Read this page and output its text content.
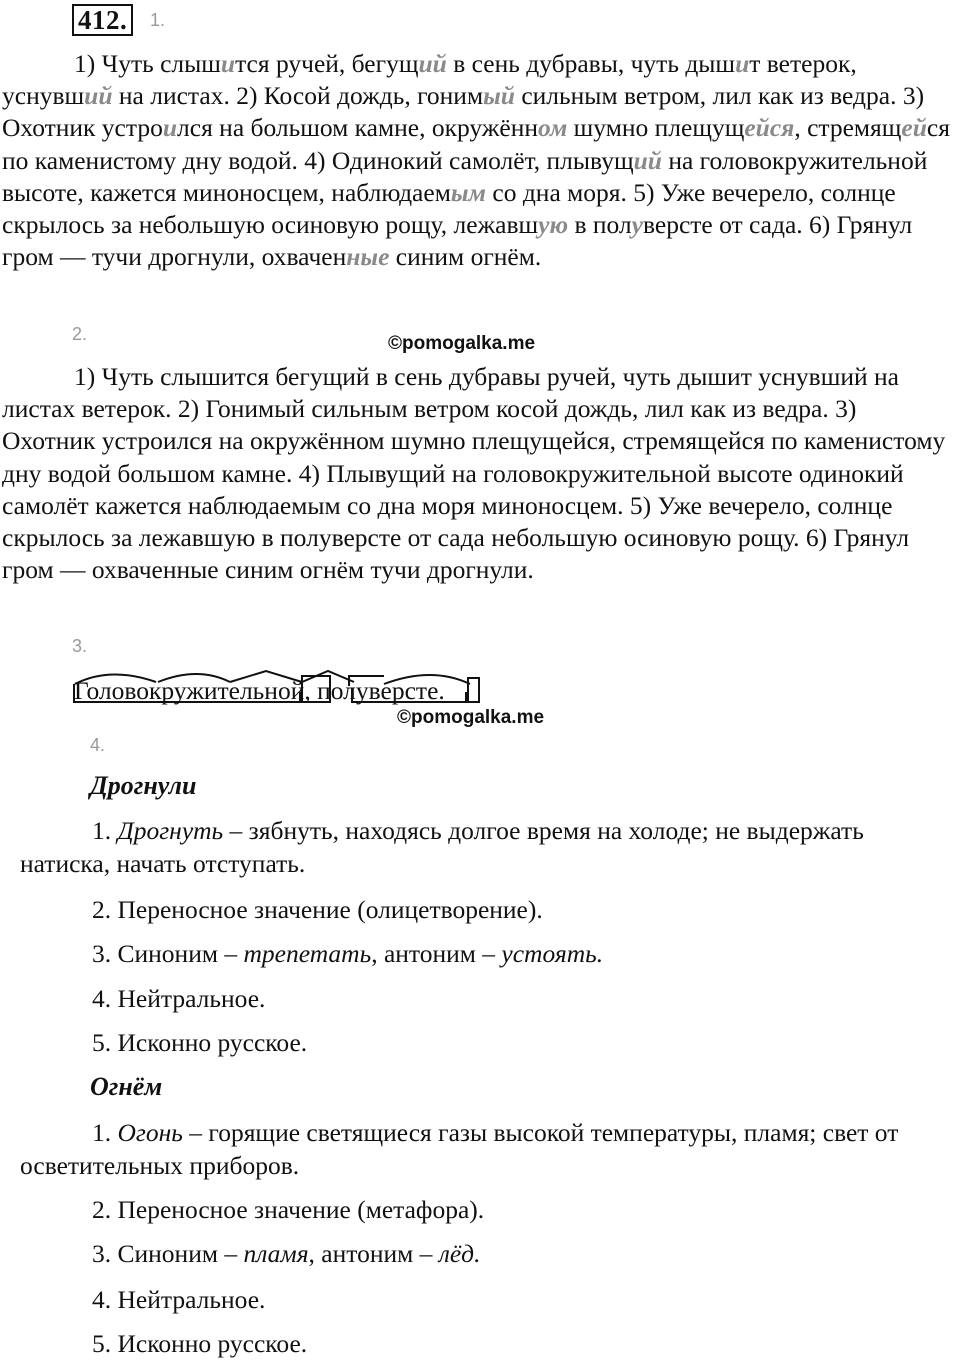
412.	1.

1) Чуть слышится ручей, бегущий в сень дубравы, чуть дышит ветерок, уснувший на листах. 2) Косой дождь, гонимый сильным ветром, лил как из ведра. 3) Охотник устроился на большом камне, окружённом шумно плещущейся, стремящейся по каменистому дну водой. 4) Одинокий самолёт, плывущий на головокружительной высоте, кажется миноносцем, наблюдаемым со дна моря. 5) Уже вечерело, солнце скрылось за небольшую осиновую рощу, лежавшую в полуверсте от сада. 6) Грянул гром — тучи дрогнули, охваченные синим огнём.

2.	©pomogalka.me

1) Чуть слышится бегущий в сень дубравы ручей, чуть дышит уснувший на листах ветерок. 2) Гонимый сильным ветром косой дождь, лил как из ведра. 3) Охотник устроился на окружённом шумно плещущейся, стремящейся по каменистому дну водой большом камне. 4) Плывущий на головокружительной высоте одинокий самолёт кажется наблюдаемым со дна моря миноносцем. 5) Уже вечерело, солнце скрылось за лежавшую в полуверсте от сада небольшую осиновую рощу. 6) Грянул гром — охваченные синим огнём тучи дрогнули.

3.
Головокружительной, полуверсте.
©pomogalka.me
4.
Дрогнули
1. Дрогнуть – зябнуть, находясь долгое время на холоде; не выдержать натиска, начать отступать.
2. Переносное значение (олицетворение).
3. Синоним – трепетать, антоним – устоять.
4. Нейтральное.
5. Исконно русское.
Огнём
1. Огонь – горящие светящиеся газы высокой температуры, пламя; свет от осветительных приборов.
2. Переносное значение (метафора).
3. Синоним – пламя, антоним – лёд.
4. Нейтральное.
5. Исконно русское.
